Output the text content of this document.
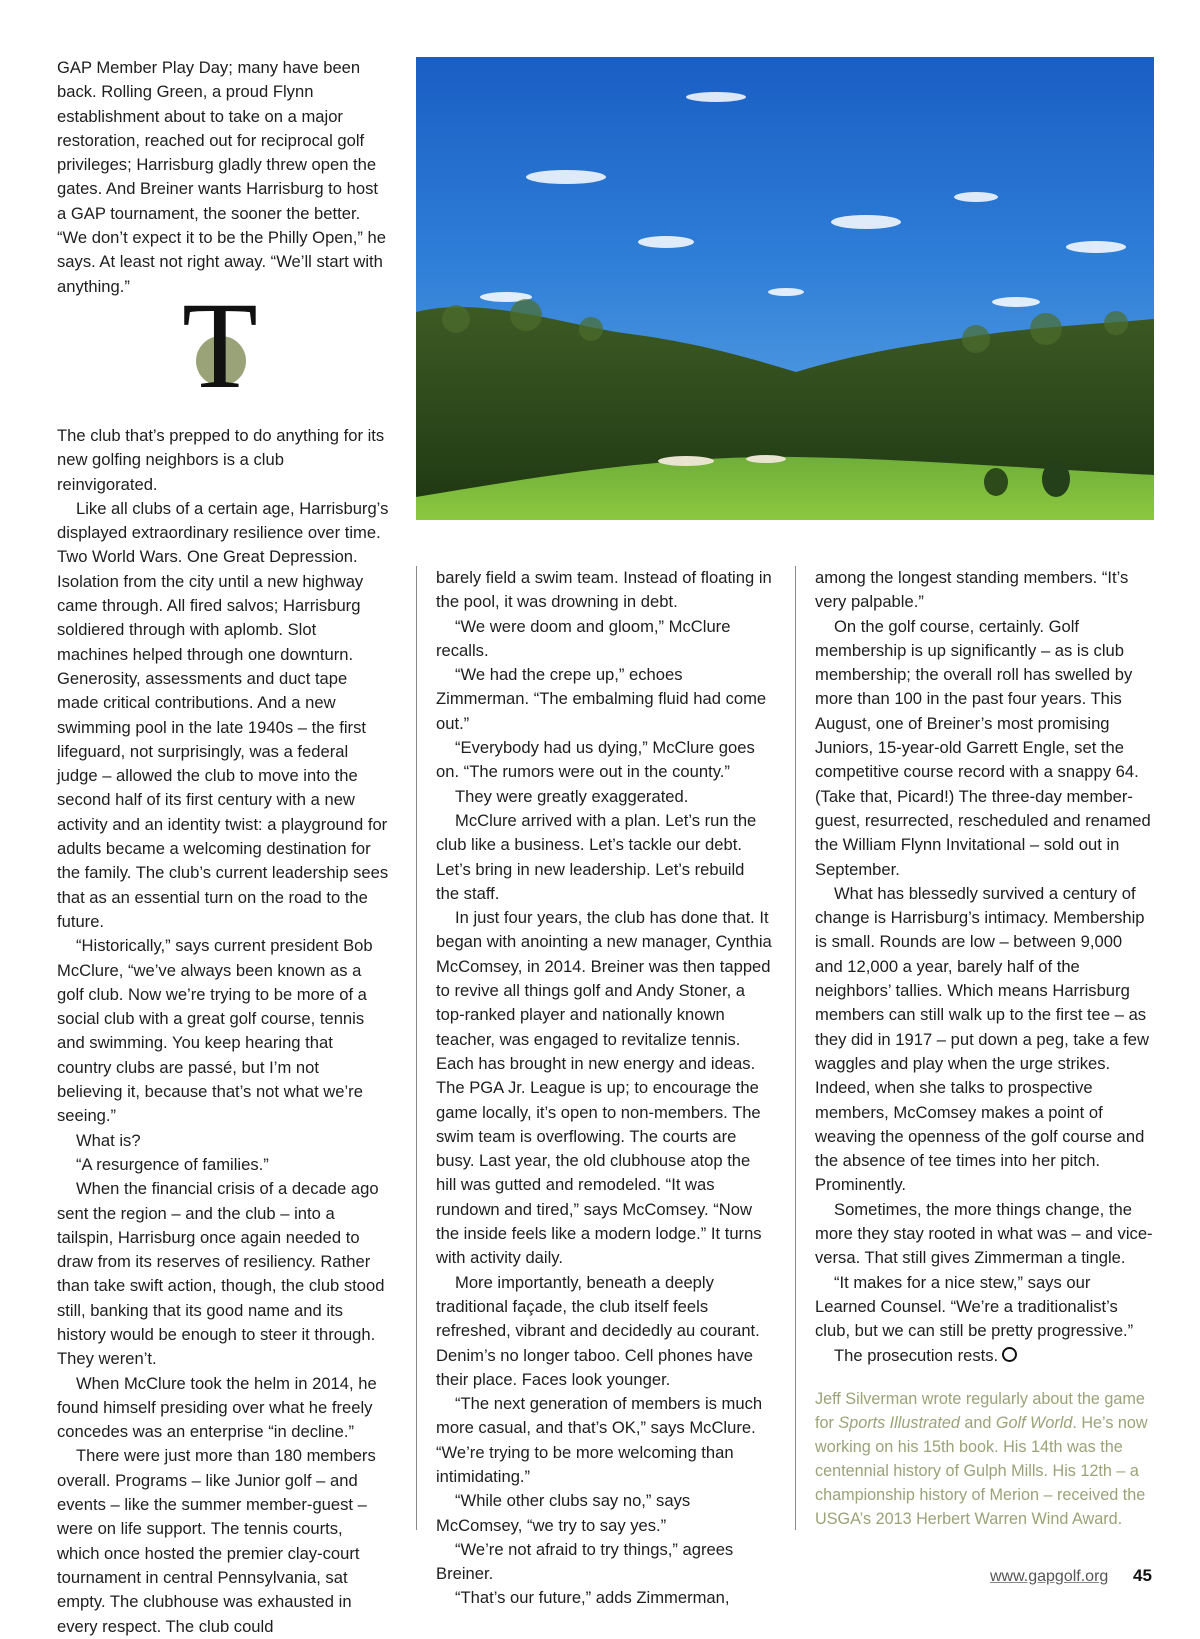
GAP Member Play Day; many have been back. Rolling Green, a proud Flynn establishment about to take on a major restoration, reached out for reciprocal golf privileges; Harrisburg gladly threw open the gates. And Breiner wants Harrisburg to host a GAP tournament, the sooner the better. “We don’t expect it to be the Philly Open,” he says. At least not right away. “We’ll start with anything.” T

The club that’s prepped to do anything for its new golfing neighbors is a club reinvigorated.

Like all clubs of a certain age, Harrisburg’s displayed extraordinary resilience over time. Two World Wars. One Great Depression. Isolation from the city until a new highway came through. All fired salvos; Harrisburg soldiered through with aplomb. Slot machines helped through one downturn. Generosity, assessments and duct tape made critical contributions. And a new swimming pool in the late 1940s – the first lifeguard, not surprisingly, was a federal judge – allowed the club to move into the second half of its first century with a new activity and an identity twist: a playground for adults became a welcoming destination for the family. The club’s current leadership sees that as an essential turn on the road to the future.

“Historically,” says current president Bob McClure, “we’ve always been known as a golf club. Now we’re trying to be more of a social club with a great golf course, tennis and swimming. You keep hearing that country clubs are passé, but I’m not believing it, because that’s not what we’re seeing.”

What is?

“A resurgence of families.”

When the financial crisis of a decade ago sent the region – and the club – into a tailspin, Harrisburg once again needed to draw from its reserves of resiliency. Rather than take swift action, though, the club stood still, banking that its good name and its history would be enough to steer it through. They weren’t.

When McClure took the helm in 2014, he found himself presiding over what he freely concedes was an enterprise “in decline.”

There were just more than 180 members overall. Programs – like Junior golf – and events – like the summer member-guest – were on life support. The tennis courts, which once hosted the premier clay-court tournament in central Pennsylvania, sat empty. The clubhouse was exhausted in every respect. The club could

barely field a swim team. Instead of floating in the pool, it was drowning in debt.

“We were doom and gloom,” McClure recalls.

“We had the crepe up,” echoes Zimmerman. “The embalming fluid had come out.”

“Everybody had us dying,” McClure goes on. “The rumors were out in the county.”

They were greatly exaggerated.

McClure arrived with a plan. Let’s run the club like a business. Let’s tackle our debt. Let’s bring in new leadership. Let’s rebuild the staff.

In just four years, the club has done that. It began with anointing a new manager, Cynthia McComsey, in 2014. Breiner was then tapped to revive all things golf and Andy Stoner, a top-ranked player and nationally known teacher, was engaged to revitalize tennis. Each has brought in new energy and ideas. The PGA Jr. League is up; to encourage the game locally, it’s open to non-members. The swim team is overflowing. The courts are busy. Last year, the old clubhouse atop the hill was gutted and remodeled. “It was rundown and tired,” says McComsey. “Now the inside feels like a modern lodge.” It turns with activity daily.

More importantly, beneath a deeply traditional façade, the club itself feels refreshed, vibrant and decidedly au courant. Denim’s no longer taboo. Cell phones have their place. Faces look younger.

“The next generation of members is much more casual, and that’s OK,” says McClure. “We’re trying to be more welcoming than intimidating.”

“While other clubs say no,” says McComsey, “we try to say yes.”

“We’re not afraid to try things,” agrees Breiner.

“That’s our future,” adds Zimmerman,

among the longest standing members. “It’s very palpable.”

On the golf course, certainly. Golf membership is up significantly – as is club membership; the overall roll has swelled by more than 100 in the past four years. This August, one of Breiner’s most promising Juniors, 15-year-old Garrett Engle, set the competitive course record with a snappy 64. (Take that, Picard!) The three-day member-guest, resurrected, rescheduled and renamed the William Flynn Invitational – sold out in September.

What has blessedly survived a century of change is Harrisburg’s intimacy. Membership is small. Rounds are low – between 9,000 and 12,000 a year, barely half of the neighbors’ tallies. Which means Harrisburg members can still walk up to the first tee – as they did in 1917 – put down a peg, take a few waggles and play when the urge strikes. Indeed, when she talks to prospective members, McComsey makes a point of weaving the openness of the golf course and the absence of tee times into her pitch. Prominently.

Sometimes, the more things change, the more they stay rooted in what was – and vice-versa. That still gives Zimmerman a tingle.

“It makes for a nice stew,” says our Learned Counsel. “We’re a traditionalist’s club, but we can still be pretty progressive.”

The prosecution rests.

Jeff Silverman wrote regularly about the game for Sports Illustrated and Golf World. He’s now working on his 15th book. His 14th was the centennial history of Gulph Mills. His 12th – a championship history of Merion – received the USGA’s 2013 Herbert Warren Wind Award.
www.gapgolf.org 45
